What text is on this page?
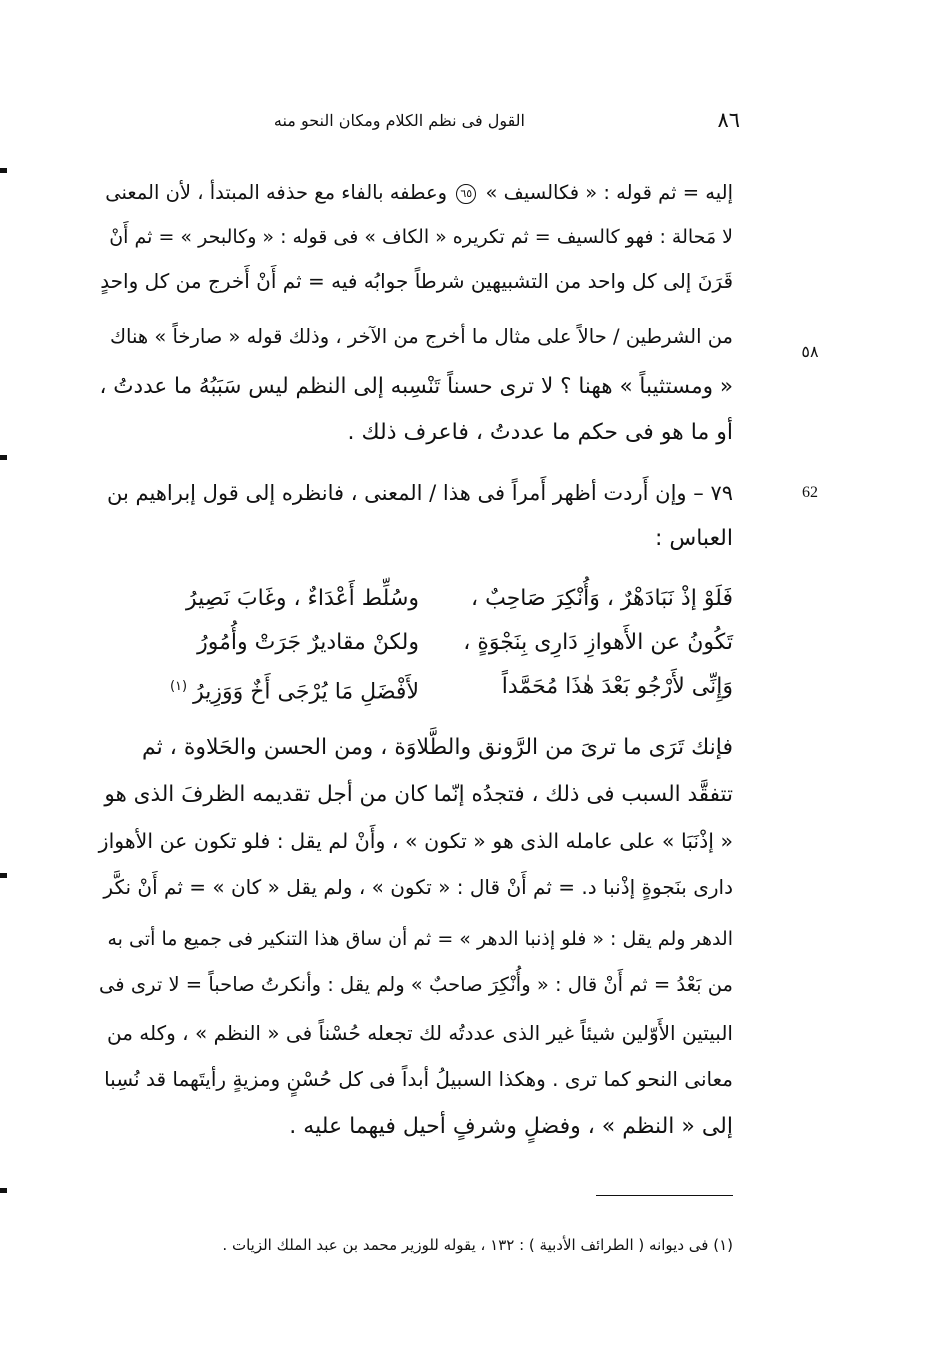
٨٦
القول فى نظم الكلام ومكان النحو منه
٥٨
62
إليه = ثم قوله : « فكالسيف » ٦٥ وعطفه بالفاء مع حذفه المبتدأ ، لأن المعنى
لا مَحالة : فهو كالسيف = ثم تكريره « الكاف » فى قوله : « وكالبحر » = ثم أَنْ
قَرَنَ إلى كل واحد من التشبيهين شرطاً جوابُه فيه = ثم أَنْ أَخرج من كل واحدٍ
من الشرطين / حالاً على مثال ما أخرج من الآخر ، وذلك قوله « صارخاً » هناك
« ومستثيباً » ههنا ؟ لا ترى حسناً تَنْسِبه إلى النظم ليس سَبَبُهُ ما عددتُ ،
أو ما هو فى حكم ما عددتُ ، فاعرف ذلك .
٧٩ – وإن أَردت أظهر أَمراً فى هذا / المعنى ، فانظره إلى قول إبراهيم بن
العباس :
فَلَوْ إذْ نَبَادَهْرٌ ، وَأُنْكِرَ صَاحِبٌ ،
وسُلِّط أَعْدَاءٌ ، وغَابَ نَصِيرُ
تَكُونُ عن الأَهوازِ دَارِى بِنَجْوَةٍ ،
ولكنْ مقاديرٌ جَرَتْ وأُمُورُ
وَإِنِّى لأَرْجُو بَعْدَ هٰذَا مُحَمَّداً
لأَفْضَلِ مَا يُرْجَى أَخٌ وَوَزِيرُ$^{(١)}$
فإنك تَرَى ما ترىَ من الرَّونق والطَّلاوَة ، ومن الحسن والحَلاوة ، ثم
تتفقَّد السبب فى ذلك ، فتجدُه إنّما كان من أجل تقديمه الظرفَ الذى هو
« إذْنَبَا » على عامله الذى هو « تكون » ، وأَنْ لم يقل : فلو تكون عن الأهواز
دارى بنَجوةٍ إذْنبا د. = ثم أَنْ قال : « تكون » ، ولم يقل « كان » = ثم أَنْ نكَّر
الدهر ولم يقل : « فلو إذنبا الدهر » = ثم أن ساق هذا التنكير فى جميع ما أتى به
من بَعْدُ = ثم أَنْ قال : « وأُنْكِرَ صاحبٌ » ولم يقل : وأنكرتُ صاحباً = لا ترى فى
البيتين الأَوّلين شيئاً غير الذى عددتُه لك تجعله حُسْناً فى « النظم » ، وكله من
معانى النحو كما ترى . وهكذا السبيلُ أبداً فى كل حُسْنٍ ومزيةٍ رأيتَهما قد نُسِبا
إلى « النظم » ، وفضلٍ وشرفٍ أحيل فيهما عليه .
(١) فى ديوانه ( الطرائف الأدبية ) : ١٣٢ ، يقوله للوزير محمد بن عبد الملك الزيات .
